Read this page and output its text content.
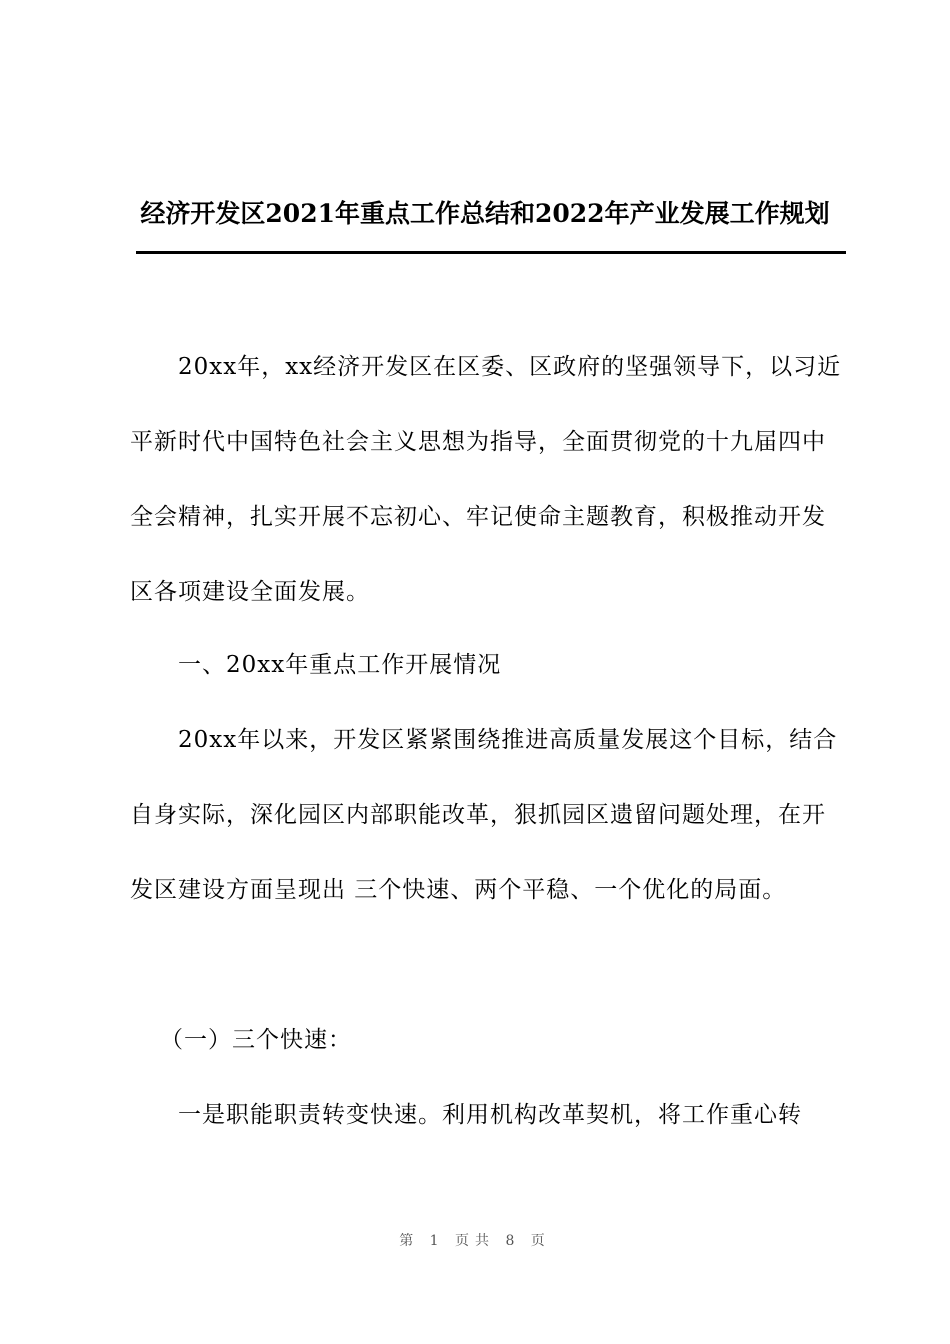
经济开发区2021年重点工作总结和2022年产业发展工作规划

20xx年，xx经济开发区在区委、区政府的坚强领导下，以习近平新时代中国特色社会主义思想为指导，全面贯彻党的十九届四中全会精神，扎实开展不忘初心、牢记使命主题教育，积极推动开发区各项建设全面发展。

一、20xx年重点工作开展情况

20xx年以来，开发区紧紧围绕推进高质量发展这个目标，结合自身实际，深化园区内部职能改革，狠抓园区遗留问题处理，在开发区建设方面呈现出 三个快速、两个平稳、一个优化的局面。

（一）三个快速：

一是职能职责转变快速。利用机构改革契机，将工作重心转

第 1 页共 8 页
